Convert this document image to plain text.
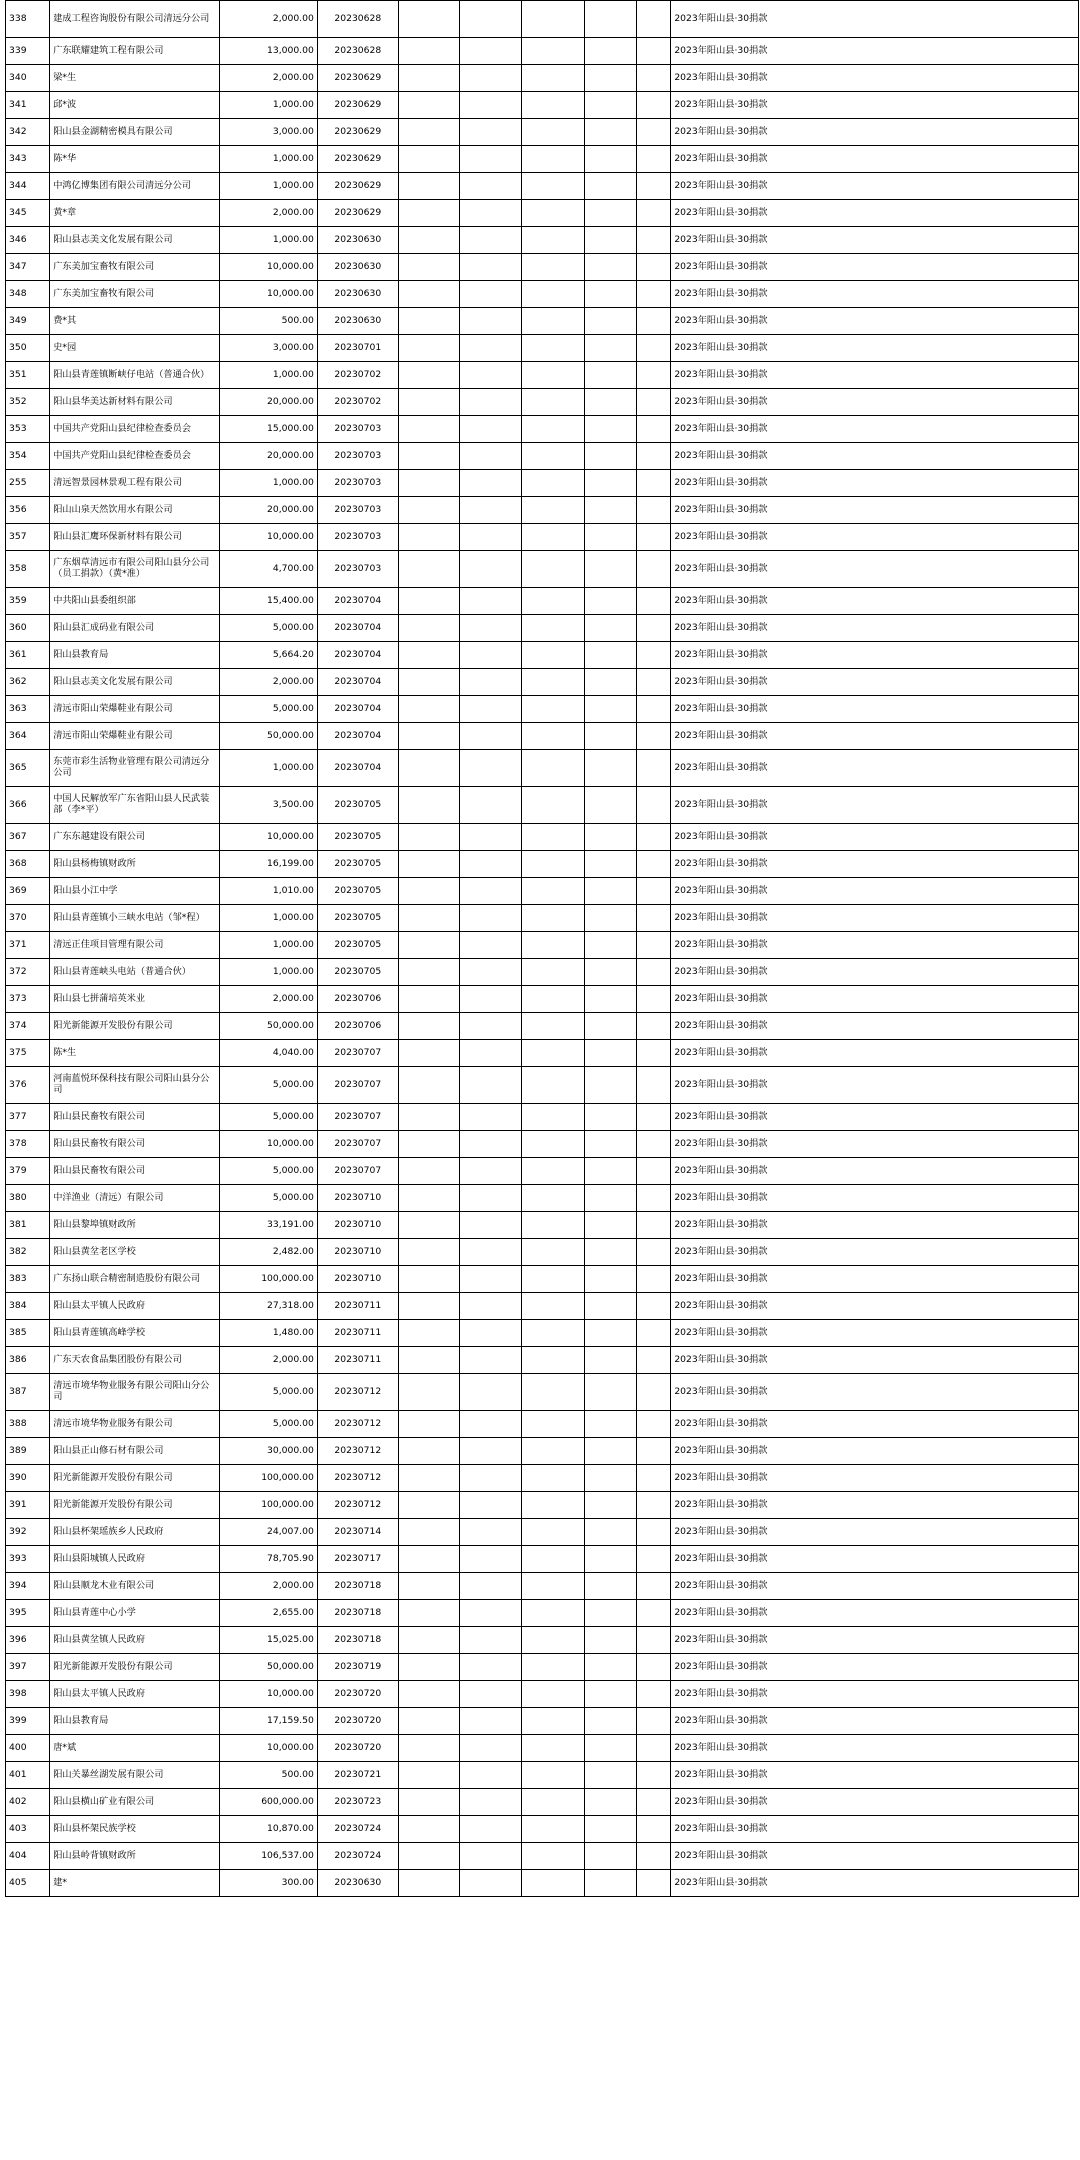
338	建成工程咨询股份有限公司清远分公司	2,000.00	20230628						2023年阳山县·30捐款
339	广东联耀建筑工程有限公司	13,000.00	20230628						2023年阳山县·30捐款
340	梁*生	2,000.00	20230629						2023年阳山县·30捐款
341	邱*波	1,000.00	20230629						2023年阳山县·30捐款
342	阳山县金湖精密模具有限公司	3,000.00	20230629						2023年阳山县·30捐款
343	陈*华	1,000.00	20230629						2023年阳山县·30捐款
344	中鸿亿博集团有限公司清远分公司	1,000.00	20230629						2023年阳山县·30捐款
345	黄*章	2,000.00	20230629						2023年阳山县·30捐款
346	阳山县志美文化发展有限公司	1,000.00	20230630						2023年阳山县·30捐款
347	广东美加宝畜牧有限公司	10,000.00	20230630						2023年阳山县·30捐款
348	广东美加宝畜牧有限公司	10,000.00	20230630						2023年阳山县·30捐款
349	费*其	500.00	20230630						2023年阳山县·30捐款
350	史*园	3,000.00	20230701						2023年阳山县·30捐款
351	阳山县青莲镇断峡仔电站（普通合伙）	1,000.00	20230702						2023年阳山县·30捐款
352	阳山县华美达新材料有限公司	20,000.00	20230702						2023年阳山县·30捐款
353	中国共产党阳山县纪律检查委员会	15,000.00	20230703						2023年阳山县·30捐款
354	中国共产党阳山县纪律检查委员会	20,000.00	20230703						2023年阳山县·30捐款
255	清远智景园林景观工程有限公司	1,000.00	20230703						2023年阳山县·30捐款
356	阳山山泉天然饮用水有限公司	20,000.00	20230703						2023年阳山县·30捐款
357	阳山县汇鹰环保新材料有限公司	10,000.00	20230703						2023年阳山县·30捐款
358	广东烟草清远市有限公司阳山县分公司（员工捐款）（黄*准）	4,700.00	20230703						2023年阳山县·30捐款
359	中共阳山县委组织部	15,400.00	20230704						2023年阳山县·30捐款
360	阳山县汇成码业有限公司	5,000.00	20230704						2023年阳山县·30捐款
361	阳山县教育局	5,664.20	20230704						2023年阳山县·30捐款
362	阳山县志美文化发展有限公司	2,000.00	20230704						2023年阳山县·30捐款
363	清远市阳山荣爆鞋业有限公司	5,000.00	20230704						2023年阳山县·30捐款
364	清远市阳山荣爆鞋业有限公司	50,000.00	20230704						2023年阳山县·30捐款
365	东莞市彩生活物业管理有限公司清远分公司	1,000.00	20230704						2023年阳山县·30捐款
366	中国人民解放军广东省阳山县人民武装部（李*平）	3,500.00	20230705						2023年阳山县·30捐款
367	广东东越建设有限公司	10,000.00	20230705						2023年阳山县·30捐款
368	阳山县杨梅镇财政所	16,199.00	20230705						2023年阳山县·30捐款
369	阳山县小江中学	1,010.00	20230705						2023年阳山县·30捐款
370	阳山县青莲镇小三峡水电站（邹*程）	1,000.00	20230705						2023年阳山县·30捐款
371	清远正佳项目管理有限公司	1,000.00	20230705						2023年阳山县·30捐款
372	阳山县青莲峡头电站（普通合伙）	1,000.00	20230705						2023年阳山县·30捐款
373	阳山县七拼蒲培英米业	2,000.00	20230706						2023年阳山县·30捐款
374	阳光新能源开发股份有限公司	50,000.00	20230706						2023年阳山县·30捐款
375	陈*生	4,040.00	20230707						2023年阳山县·30捐款
376	河南蓝悦环保科技有限公司阳山县分公司	5,000.00	20230707						2023年阳山县·30捐款
377	阳山县民畜牧有限公司	5,000.00	20230707						2023年阳山县·30捐款
378	阳山县民畜牧有限公司	10,000.00	20230707						2023年阳山县·30捐款
379	阳山县民畜牧有限公司	5,000.00	20230707						2023年阳山县·30捐款
380	中洋渔业（清远）有限公司	5,000.00	20230710						2023年阳山县·30捐款
381	阳山县黎埠镇财政所	33,191.00	20230710						2023年阳山县·30捐款
382	阳山县黄坌老区学校	2,482.00	20230710						2023年阳山县·30捐款
383	广东扬山联合精密制造股份有限公司	100,000.00	20230710						2023年阳山县·30捐款
384	阳山县太平镇人民政府	27,318.00	20230711						2023年阳山县·30捐款
385	阳山县青莲镇高峰学校	1,480.00	20230711						2023年阳山县·30捐款
386	广东天农食品集团股份有限公司	2,000.00	20230711						2023年阳山县·30捐款
387	清远市境华物业服务有限公司阳山分公司	5,000.00	20230712						2023年阳山县·30捐款
388	清远市境华物业服务有限公司	5,000.00	20230712						2023年阳山县·30捐款
389	阳山县正山修石材有限公司	30,000.00	20230712						2023年阳山县·30捐款
390	阳光新能源开发股份有限公司	100,000.00	20230712						2023年阳山县·30捐款
391	阳光新能源开发股份有限公司	100,000.00	20230712						2023年阳山县·30捐款
392	阳山县杯架瑶族乡人民政府	24,007.00	20230714						2023年阳山县·30捐款
393	阳山县阳城镇人民政府	78,705.90	20230717						2023年阳山县·30捐款
394	阳山县顺龙木业有限公司	2,000.00	20230718						2023年阳山县·30捐款
395	阳山县青莲中心小学	2,655.00	20230718						2023年阳山县·30捐款
396	阳山县黄坌镇人民政府	15,025.00	20230718						2023年阳山县·30捐款
397	阳光新能源开发股份有限公司	50,000.00	20230719						2023年阳山县·30捐款
398	阳山县太平镇人民政府	10,000.00	20230720						2023年阳山县·30捐款
399	阳山县教育局	17,159.50	20230720						2023年阳山县·30捐款
400	唐*斌	10,000.00	20230720						2023年阳山县·30捐款
401	阳山关暴丝湖发展有限公司	500.00	20230721						2023年阳山县·30捐款
402	阳山县横山矿业有限公司	600,000.00	20230723						2023年阳山县·30捐款
403	阳山县杯架民族学校	10,870.00	20230724						2023年阳山县·30捐款
404	阳山县岭背镇财政所	106,537.00	20230724						2023年阳山县·30捐款
405	建*	300.00	20230630						2023年阳山县·30捐款
